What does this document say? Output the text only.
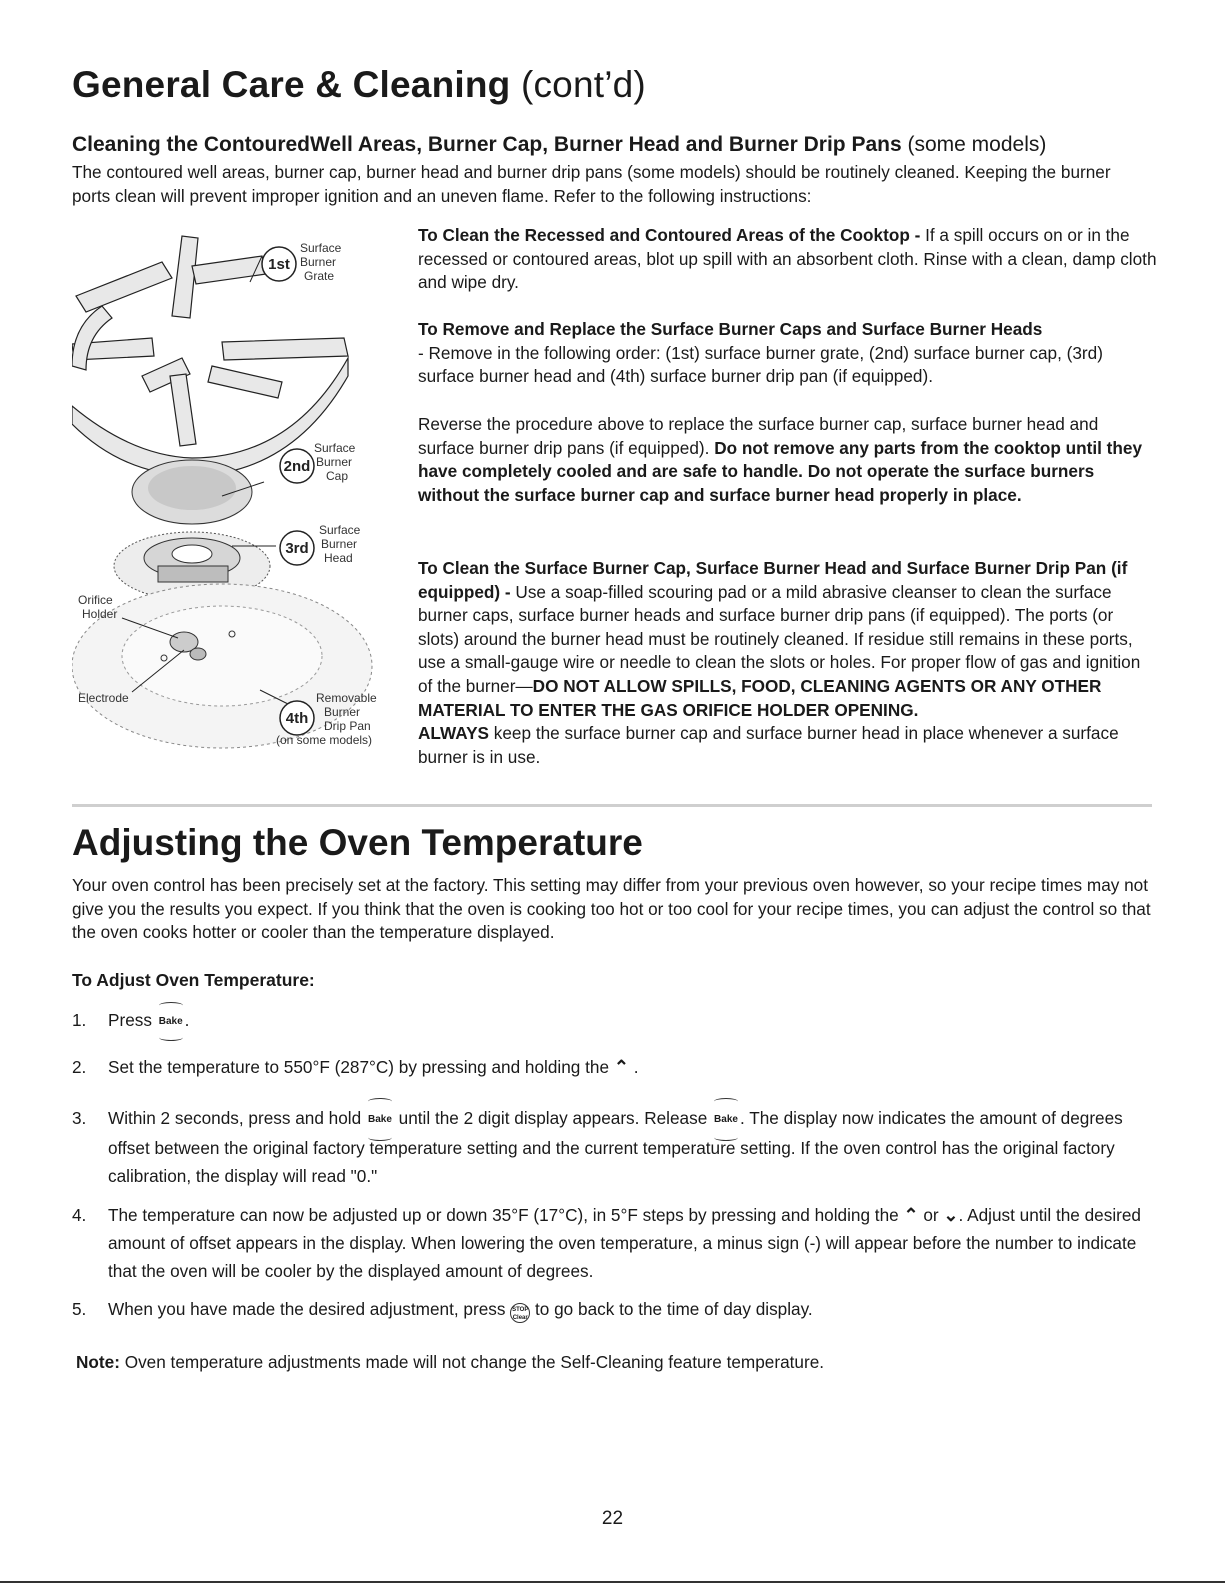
General Care & Cleaning (cont’d)
Cleaning the ContouredWell Areas, Burner Cap, Burner Head and Burner Drip Pans (some models)

The contoured well areas, burner cap, burner head and burner drip pans (some models) should be routinely cleaned. Keeping the burner ports clean will prevent improper ignition and an uneven flame. Refer to the following instructions:

1st
Surface
Burner
Grate
2nd
Surface
Burner
Cap
3rd
Surface
Burner
Head
Orifice
Holder
Electrode
4th
Removable
Burner
Drip Pan
(on some models)

To Clean the Recessed and Contoured Areas of the Cooktop - If a spill occurs on or in the recessed or contoured areas, blot up spill with an absorbent cloth. Rinse with a clean, damp cloth and wipe dry.

To Remove and Replace the Surface Burner Caps and Surface Burner Heads
- Remove in the following order: (1st) surface burner grate, (2nd) surface burner cap, (3rd) surface burner head and (4th) surface burner drip pan (if equipped).

Reverse the procedure above to replace the surface burner cap, surface burner head and surface burner drip pans (if equipped). Do not remove any parts from the cooktop until they have completely cooled and are safe to handle. Do not operate the surface burners without the surface burner cap and surface burner head properly in place.

To Clean the Surface Burner Cap, Surface Burner Head and Surface Burner Drip Pan (if equipped) - Use a soap-filled scouring pad or a mild abrasive cleanser to clean the surface burner caps, surface burner heads and surface burner drip pans (if equipped). The ports (or slots) around the burner head must be routinely cleaned. If residue still remains in these ports, use a small-gauge wire or needle to clean the slots or holes. For proper flow of gas and ignition of the burner—DO NOT ALLOW SPILLS, FOOD, CLEANING AGENTS OR ANY OTHER MATERIAL TO ENTER THE GAS ORIFICE HOLDER OPENING.
ALWAYS keep the surface burner cap and surface burner head in place whenever a surface burner is in use.

Adjusting the Oven Temperature

Your oven control has been precisely set at the factory. This setting may differ from your previous oven however, so your recipe times may not give you the results you expect. If you think that the oven is cooking too hot or too cool for your recipe times, you can adjust the control so that the oven cooks hotter or cooler than the temperature displayed.

To Adjust Oven Temperature:

1. Press Bake .
2. Set the temperature to 550°F (287°C) by pressing and holding the ⌃ .
3. Within 2 seconds, press and hold Bake until the 2 digit display appears. Release Bake . The display now indicates the amount of degrees offset between the original factory temperature setting and the current temperature setting. If the oven control has the original factory calibration, the display will read "0."
4. The temperature can now be adjusted up or down 35°F (17°C), in 5°F steps by pressing and holding the ⌃ or ⌄. Adjust until the desired amount of offset appears in the display. When lowering the oven temperature, a minus sign (-) will appear before the number to indicate that the oven will be cooler by the displayed amount of degrees.
5. When you have made the desired adjustment, press STOP Clear to go back to the time of day display.

Note: Oven temperature adjustments made will not change the Self-Cleaning feature temperature.

22
